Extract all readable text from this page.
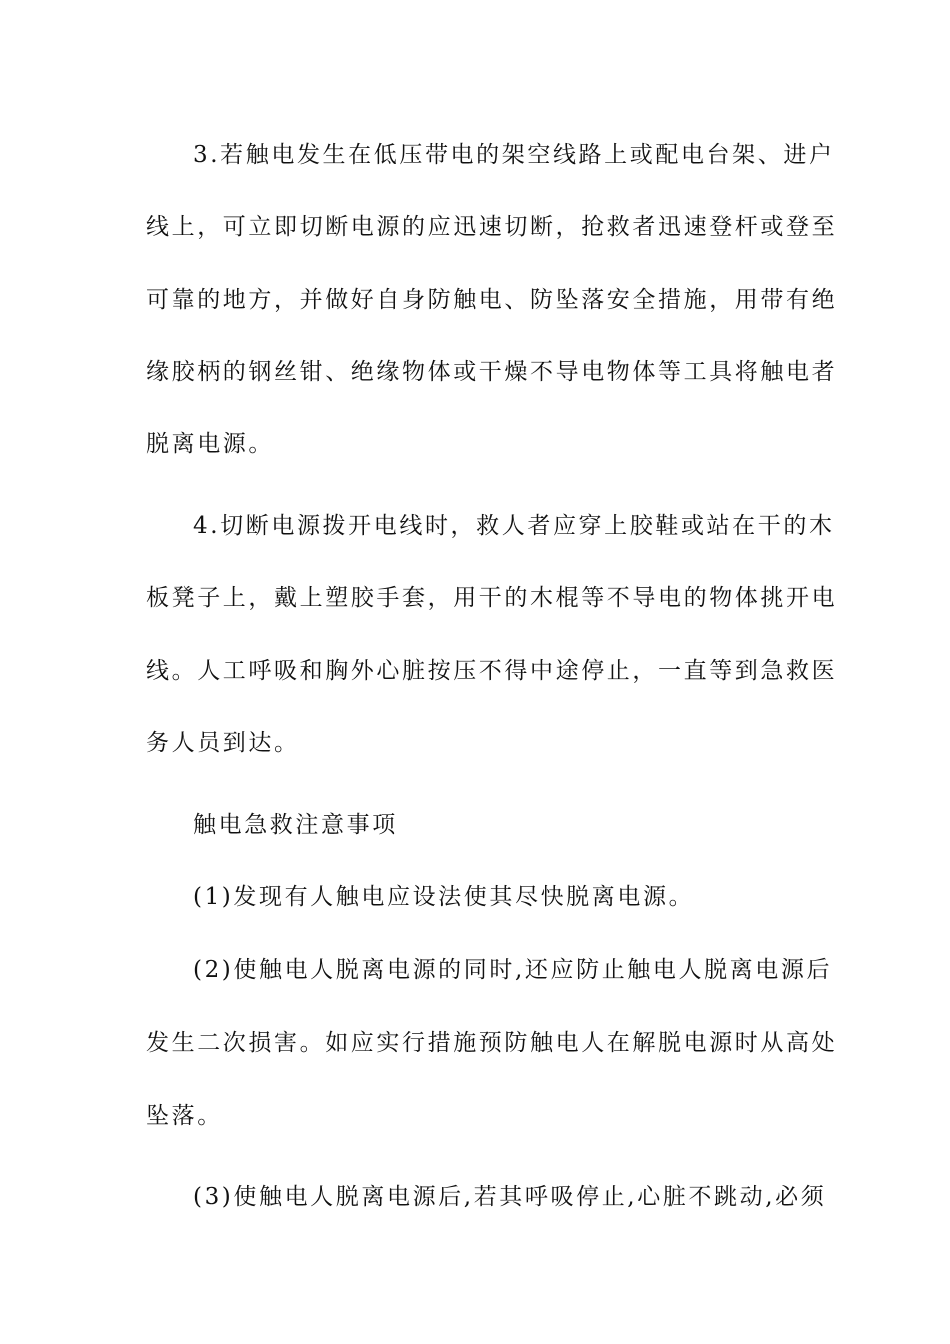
3.若触电发生在低压带电的架空线路上或配电台架、进户
线上，可立即切断电源的应迅速切断，抢救者迅速登杆或登至
可靠的地方，并做好自身防触电、防坠落安全措施，用带有绝
缘胶柄的钢丝钳、绝缘物体或干燥不导电物体等工具将触电者
脱离电源。
4.切断电源拨开电线时，救人者应穿上胶鞋或站在干的木
板凳子上，戴上塑胶手套，用干的木棍等不导电的物体挑开电
线。人工呼吸和胸外心脏按压不得中途停止，一直等到急救医
务人员到达。
触电急救注意事项
(1)发现有人触电应设法使其尽快脱离电源。
(2)使触电人脱离电源的同时,还应防止触电人脱离电源后
发生二次损害。如应实行措施预防触电人在解脱电源时从高处
坠落。
(3)使触电人脱离电源后,若其呼吸停止,心脏不跳动,必须
